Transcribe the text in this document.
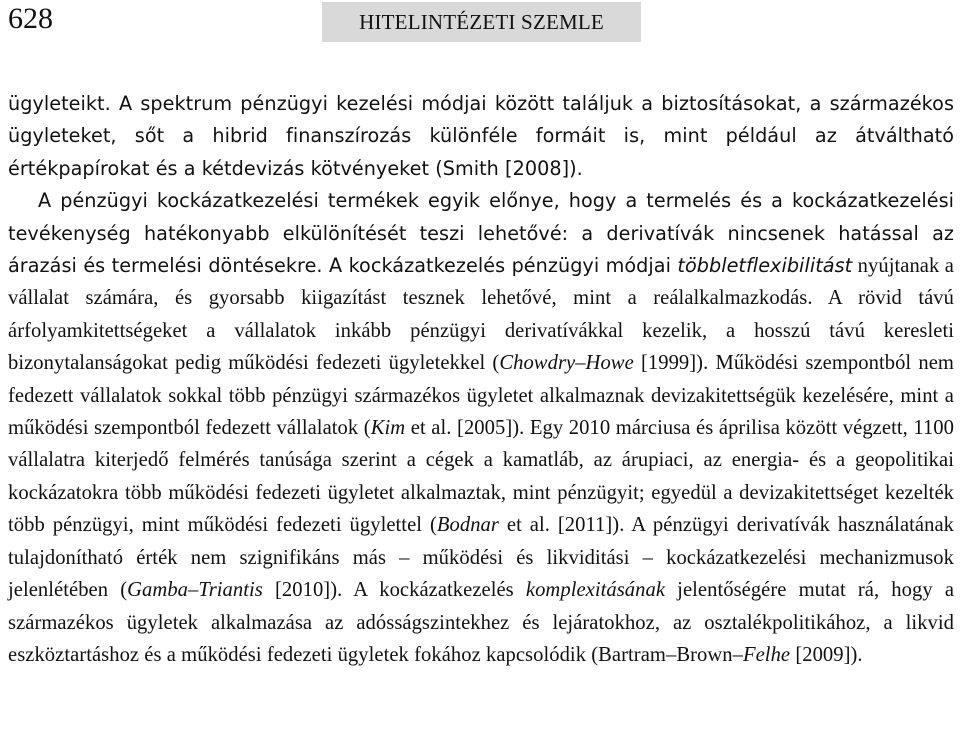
628	HITELINTÉZETI SZEMLE

ügyleteikt. A spektrum pénzügyi kezelési módjai között találjuk a biztosításokat, a származékos ügyleteket, sőt a hibrid finanszírozás különféle formáit is, mint például az átváltható értékpapírokat és a kétdevizás kötvényeket (Smith [2008]).

A pénzügyi kockázatkezelési termékek egyik előnye, hogy a termelés és a kockázatkezelési tevékenység hatékonyabb elkülönítését teszi lehetővé: a derivatívák nincsenek hatással az árazási és termelési döntésekre. A kockázatkezelés pénzügyi módjai többletflexibilitást nyújtanak a vállalat számára, és gyorsabb kiigazítást tesznek lehetővé, mint a reálalkalmazkodás. A rövid távú árfolyamkitettségeket a vállalatok inkább pénzügyi derivatívákkal kezelik, a hosszú távú keresleti bizonytalanságokat pedig működési fedezeti ügyletekkel (Chowdry–Howe [1999]). Működési szempontból nem fedezett vállalatok sokkal több pénzügyi származékos ügyletet alkalmaznak devizakitettségük kezelésére, mint a működési szempontból fedezett vállalatok (Kim et al. [2005]). Egy 2010 márciusa és áprilisa között végzett, 1100 vállalatra kiterjedő felmérés tanúsága szerint a cégek a kamatláb, az árupiaci, az energia- és a geopolitikai kockázatokra több működési fedezeti ügyletet alkalmaztak, mint pénzügyit; egyedül a devizakitettséget kezelték több pénzügyi, mint működési fedezeti ügylettel (Bodnar et al. [2011]). A pénzügyi derivatívák használatának tulajdonítható érték nem szignifikáns más – működési és likviditási – kockázatkezelési mechanizmusok jelenlétében (Gamba–Triantis [2010]). A kockázatkezelés komplexitásának jelentőségére mutat rá, hogy a származékos ügyletek alkalmazása az adósságszintekhez és lejáratokhoz, az osztalékpolitikához, a likvid eszköztartáshoz és a működési fedezeti ügyletek fokához kapcsolódik (Bartram–Brown–Felhe [2009]).
